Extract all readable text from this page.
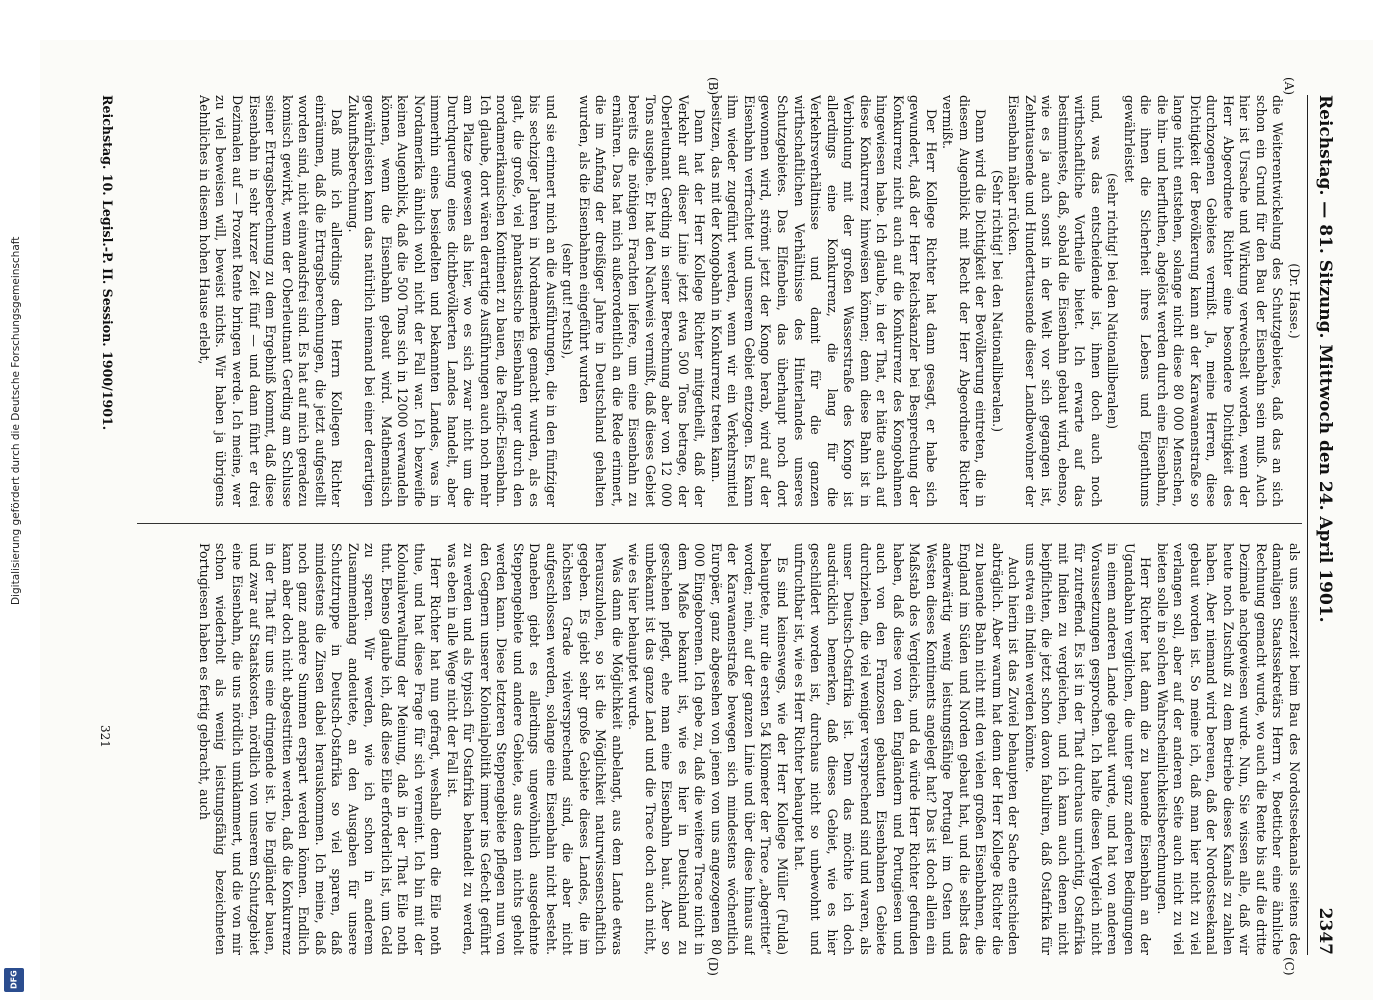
Reichstag. — 81. Sitzung. Mittwoch den 24. April 1901.
2347
(A)
(B)
(C)
(D)

(Dr. Hasse.)

die Weiterentwickelung des Schutzgebietes, daß das an sich schon ein Grund für den Bau der Eisenbahn sein muß. Auch hier ist Ursache und Wirkung verwechselt worden, wenn der Herr Abgeordnete Richter eine besondere Dichtigkeit des durchzogenen Gebietes vermißt. Ja, meine Herren, diese Dichtigkeit der Bevölkerung kann an der Karawanenstraße so lange nicht entstehen, solange nicht diese 80 000 Menschen, die hin- und herfluthen, abgelöst werden durch eine Eisenbahn, die ihnen die Sicherheit ihres Lebens und Eigenthums gewährleistet

(sehr richtig! bei den Nationalliberalen)

und, was das entscheidende ist, ihnen doch auch noch wirthschaftliche Vortheile bietet. Ich erwarte auf das bestimmteste, daß, sobald die Eisenbahn gebaut wird, ebenso, wie es ja auch sonst in der Welt vor sich gegangen ist, Zehntausende und Hunderttausende dieser Landbewohner der Eisenbahn näher rücken.

(Sehr richtig! bei den Nationalliberalen.)

Dann wird die Dichtigkeit der Bevölkerung eintreten, die in diesem Augenblick mit Recht der Herr Abgeordnete Richter vermißt.

Der Herr Kollege Richter hat dann gesagt, er habe sich gewundert, daß der Herr Reichskanzler bei Besprechung der Konkurrenz nicht auch auf die Konkurrenz des Kongobahnen hingewiesen habe. Ich glaube, in der That, er hätte auch auf diese Konkurrenz hinweisen können; denn diese Bahn ist in Verbindung mit der großen Wasserstraße des Kongo ist allerdings eine Konkurrenz, die lang für die Verkehrsverhältnisse und damit für die ganzen wirthschaftlichen Verhältnisse des Hinterlandes unseres Schutzgebietes. Das Elfenbein, das überhaupt noch dort gewonnen wird, strömt jetzt der Kongo herab, wird auf der Eisenbahn verfrachtet und unserem Gebiet entzogen. Es kann ihm wieder zugeführt werden, wenn wir ein Verkehrsmittel besitzen, das mit der Kongobahn in Konkurrenz treten kann.

Dann hat der Herr Kollege Richter mitgetheilt, daß der Verkehr auf dieser Linie jetzt etwa 500 Tons betrage, der Oberleutnant Gerding in seiner Berechnung aber von 12 000 Tons ausgehe. Er hat den Nachweis vermißt, daß dieses Gebiet bereits die nöthigen Frachten liefere, um eine Eisenbahn zu ernähren. Das hat mich außerordentlich an die Rede erinnert, die im Anfang der dreißiger Jahre in Deutschland gehalten wurden, als die Eisenbahnen eingeführt wurden

(sehr gut! rechts),

und sie erinnert mich an die Ausführungen, die in den fünfziger bis sechziger Jahren in Nordamerika gemacht wurden, als es galt, die große, viel phantastische Eisenbahn quer durch den nordamerikanischen Kontinent zu bauen, die Pacific-Eisenbahn. Ich glaube, dort wären derartige Ausführungen auch noch mehr am Platze gewesen als hier, wo es sich zwar nicht um die Durchquerung eines dichtbevölkerten Landes handelt, aber immerhin eines besiedelten und bekannten Landes, was in Nordamerika ähnlich wohl nicht der Fall war. Ich bezweifle keinen Augenblick, daß die 500 Tons sich in 12000 verwandeln können, wenn die Eisenbahn gebaut wird. Mathematisch gewährleisten kann das natürlich niemand bei einer derartigen Zukunftsberechnung.

Daß muß ich allerdings dem Herrn Kollegen Richter einräumen, daß die Ertragsberechnungen, die jetzt aufgestellt worden sind, nicht einwandsfrei sind. Es hat auf mich geradezu komisch gewirkt, wenn der Oberleutnant Gerding am Schlusse seiner Ertragsberechnung zu dem Ergebniß kommt, daß diese Eisenbahn in sehr kurzer Zeit fünf — und dann führt er drei Dezimalen auf — Prozent Rente bringen werde. Ich meine, wer zu viel beweisen will, beweist nichts. Wir haben ja übrigens Aehnliches in diesem hohen Hause erlebt,

als uns seinerzeit beim Bau des Nordostseekanals seitens des damaligen Staatssekretärs Herrn v. Boetticher eine ähnliche Rechnung gemacht wurde, wo auch die Rente bis auf die dritte Dezimale nachgewiesen wurde. Nun, Sie wissen alle, daß wir heute noch Zuschuß zu dem Betriebe dieses Kanals zu zahlen haben. Aber niemand wird bereuen, daß der Nordostseekanal gebaut worden ist. So meine ich, daß man hier nicht zu viel verlangen soll, aber auf der anderen Seite auch nicht zu viel bieten solle in solchen Wahrscheinlichkeitsberechnungen.

Herr Richter hat dann die zu bauende Eisenbahn an der Ugandabahn verglichen, die unter ganz anderen Bedingungen in einem anderen Lande gebaut wurde, und hat von anderen Voraussetzungen gesprochen. Ich halte diesen Vergleich nicht für zutreffend. Es ist in der That durchaus unrichtig, Ostafrika mit Indien zu vergleichen, und ich kann auch denen nicht beipflichten, die jetzt schon davon fabuliren, daß Ostafrika für uns etwa ein Indien werden könnte.

Auch hierin ist das Zuviel behaupten der Sache entschieden abträglich. Aber warum hat denn der Herr Kollege Richter die zu bauende Bahn nicht mit den vielen großen Eisenbahnen, die England im Süden und Norden gebaut hat, und die selbst das anderwärtig wenig leistungsfähige Portugal im Osten und Westen dieses Kontinents angelegt hat? Das ist doch allein ein Maßstab des Vergleichs, und da würde Herr Richter gefunden haben, daß diese von den Engländern und Portugiesen und auch von den Franzosen gebauten Eisenbahnen Gebiete durchziehen, die viel weniger versprechend sind und waren, als unser Deutsch-Ostafrika ist. Denn das möchte ich doch ausdrücklich bemerken, daß dieses Gebiet, wie es hier geschildert worden ist, durchaus nicht so unbewohnt und unfruchtbar ist, wie es Herr Richter behauptet hat.

Es sind keineswegs, wie der Herr Kollege Müller (Fulda) behauptete, nur die ersten 54 Kilometer der Trace „abgerittet“ worden; nein, auf der ganzen Linie und über diese hinaus auf der Karawanenstraße bewegen sich mindestens wöchentlich Europäer, ganz abgesehen von jenen von uns angezogenen 80 000 Eingeborenen. Ich gebe zu, daß die weitere Trace nicht in dem Maße bekannt ist, wie es hier in Deutschland zu geschehen pflegt, ehe man eine Eisenbahn baut. Aber so unbekannt ist das ganze Land und die Trace doch auch nicht, wie es hier behauptet wurde.

Was dann die Möglichkeit anbelangt, aus dem Lande etwas herauszuholen, so ist die Möglichkeit naturwissenschaftlich gegeben. Es giebt sehr große Gebiete dieses Landes, die im höchsten Grade vielversprechend sind, die aber nicht aufgeschlossen werden, solange eine Eisenbahn nicht besteht. Daneben giebt es allerdings ungewöhnlich ausgedehnte Steppengebiete und andere Gebiete, aus denen nichts geholt werden kann. Diese letzteren Steppengebiete pflegen nun von den Gegnern unserer Kolonialpolitik immer ins Gefecht geführt zu werden und als typisch für Ostafrika behandelt zu werden, was eben in alle Wege nicht der Fall ist.

Herr Richter hat nun gefragt, weshalb denn die Eile noth thue, und hat diese Frage für sich verneint. Ich bin mit der Kolonialverwaltung der Meinung, daß in der That Eile noth thut. Ebenso glaube ich, daß diese Eile erforderlich ist, um Geld zu sparen. Wir werden, wie ich schon in anderem Zusammenhang andeutete, an den Ausgaben für unsere Schutztruppe in Deutsch-Ostafrika so viel sparen, daß mindestens die Zinsen dabei herauskommen. Ich meine, daß noch ganz andere Summen erspart werden können. Endlich kann aber doch nicht abgestritten werden, daß die Konkurrenz in der That für uns eine dringende ist. Die Engländer bauen, und zwar auf Staatskosten, nördlich von unserem Schutzgebiet eine Eisenbahn, die uns nördlich umklammert, und die von mir schon wiederholt als wenig leistungsfähig bezeichneten Portugiesen haben es fertig gebracht, auch

Reichstag. 10. Legisl.-P. II. Session. 1900/1901.
321
Digitalisierung gefördert durch die Deutsche Forschungsgemeinschaft
DFG
